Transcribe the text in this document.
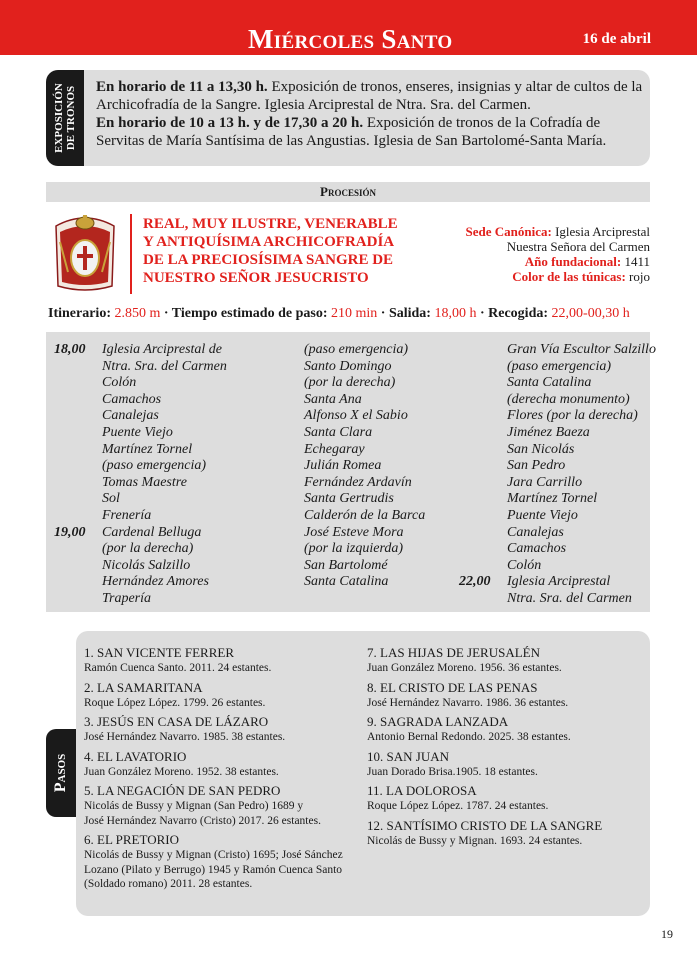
Miércoles Santo	16 de abril
EXPOSICIÓN DE TRONOS En horario de 11 a 13,30 h. Exposición de tronos, enseres, insignias y altar de cultos de la Archicofradía de la Sangre. Iglesia Arciprestal de Ntra. Sra. del Carmen.
En horario de 10 a 13 h. y de 17,30 a 20 h. Exposición de tronos de la Cofradía de Servitas de María Santísima de las Angustias. Iglesia de San Bartolomé-Santa María.
Procesión
REAL, MUY ILUSTRE, VENERABLE
Y ANTIQUÍSIMA ARCHICOFRADÍA
DE LA PRECIOSÍSIMA SANGRE DE
NUESTRO SEÑOR JESUCRISTO
Sede Canónica: Iglesia Arciprestal
Nuestra Señora del Carmen
Año fundacional: 1411
Color de las túnicas: rojo
Itinerario: 2.850 m · Tiempo estimado de paso: 210 min · Salida: 18,00 h · Recogida: 22,00-00,30 h
18,00 Iglesia Arciprestal de
Ntra. Sra. del Carmen
Colón
Camachos
Canalejas
Puente Viejo
Martínez Tornel
(paso emergencia)
Tomas Maestre
Sol
Frenería
19,00 Cardenal Belluga
(por la derecha)
Nicolás Salzillo
Hernández Amores
Trapería
(paso emergencia)
Santo Domingo
(por la derecha)
Santa Ana
Alfonso X el Sabio
Santa Clara
Echegaray
Julián Romea
Fernández Ardavín
Santa Gertrudis
Calderón de la Barca
José Esteve Mora
(por la izquierda)
San Bartolomé
Santa Catalina
Gran Vía Escultor Salzillo
(paso emergencia)
Santa Catalina
(derecha monumento)
Flores (por la derecha)
Jiménez Baeza
San Nicolás
San Pedro
Jara Carrillo
Martínez Tornel
Puente Viejo
Canalejas
Camachos
Colón
22,00 Iglesia Arciprestal
Ntra. Sra. del Carmen
Pasos
1. SAN VICENTE FERRER
Ramón Cuenca Santo. 2011. 24 estantes.
2. LA SAMARITANA
Roque López López. 1799. 26 estantes.
3. JESÚS EN CASA DE LÁZARO
José Hernández Navarro. 1985. 38 estantes.
4. EL LAVATORIO
Juan González Moreno. 1952. 38 estantes.
5. LA NEGACIÓN DE SAN PEDRO
Nicolás de Bussy y Mignan (San Pedro) 1689 y
José Hernández Navarro (Cristo) 2017. 26 estantes.
6. EL PRETORIO
Nicolás de Bussy y Mignan (Cristo) 1695; José Sánchez
Lozano (Pilato y Berrugo) 1945 y Ramón Cuenca Santo
(Soldado romano) 2011. 28 estantes.
7. LAS HIJAS DE JERUSALÉN
Juan González Moreno. 1956. 36 estantes.
8. EL CRISTO DE LAS PENAS
José Hernández Navarro. 1986. 36 estantes.
9. SAGRADA LANZADA
Antonio Bernal Redondo. 2025. 38 estantes.
10. SAN JUAN
Juan Dorado Brisa.1905. 18 estantes.
11. LA DOLOROSA
Roque López López. 1787. 24 estantes.
12. SANTÍSIMO CRISTO DE LA SANGRE
Nicolás de Bussy y Mignan. 1693. 24 estantes.
19
